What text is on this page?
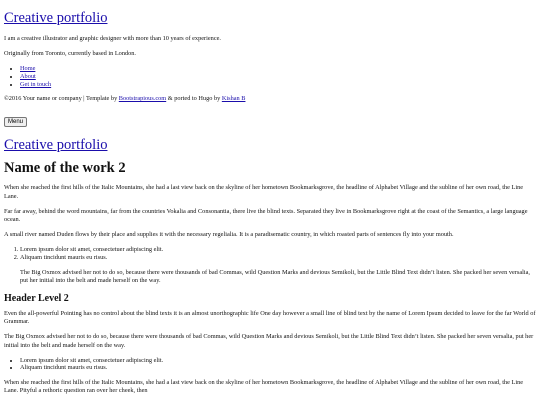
Creative portfolio

I am a creative illustrator and graphic designer with more than 10 years of experience.

Originally from Toronto, currently based in London.

• Home
• About
• Get in touch

©2016 Your name or company | Template by Bootstrapious.com & ported to Hugo by Kishan B

Menu
Creative portfolio
Name of the work 2

When she reached the first hills of the Italic Mountains, she had a last view back on the skyline of her hometown Bookmarksgrove, the headline of Alphabet Village and the subline of her own road, the Line Lane.

Far far away, behind the word mountains, far from the countries Vokalia and Consonantia, there live the blind texts. Separated they live in Bookmarksgrove right at the coast of the Semantics, a large language ocean.

A small river named Duden flows by their place and supplies it with the necessary regelialia. It is a paradisematic country, in which roasted parts of sentences fly into your mouth.

1. Lorem ipsum dolor sit amet, consectetuer adipiscing elit.
2. Aliquam tincidunt mauris eu risus.

The Big Oxmox advised her not to do so, because there were thousands of bad Commas, wild Question Marks and devious Semikoli, but the Little Blind Text didn’t listen. She packed her seven versalia, put her initial into the belt and made herself on the way.

Header Level 2

Even the all-powerful Pointing has no control about the blind texts it is an almost unorthographic life One day however a small line of blind text by the name of Lorem Ipsum decided to leave for the far World of Grammar.

The Big Oxmox advised her not to do so, because there were thousands of bad Commas, wild Question Marks and devious Semikoli, but the Little Blind Text didn’t listen. She packed her seven versalia, put her initial into the belt and made herself on the way.

• Lorem ipsum dolor sit amet, consectetuer adipiscing elit.
• Aliquam tincidunt mauris eu risus.

When she reached the first hills of the Italic Mountains, she had a last view back on the skyline of her hometown Bookmarksgrove, the headline of Alphabet Village and the subline of her own road, the Line Lane. Pityful a rethoric question ran over her cheek, then
